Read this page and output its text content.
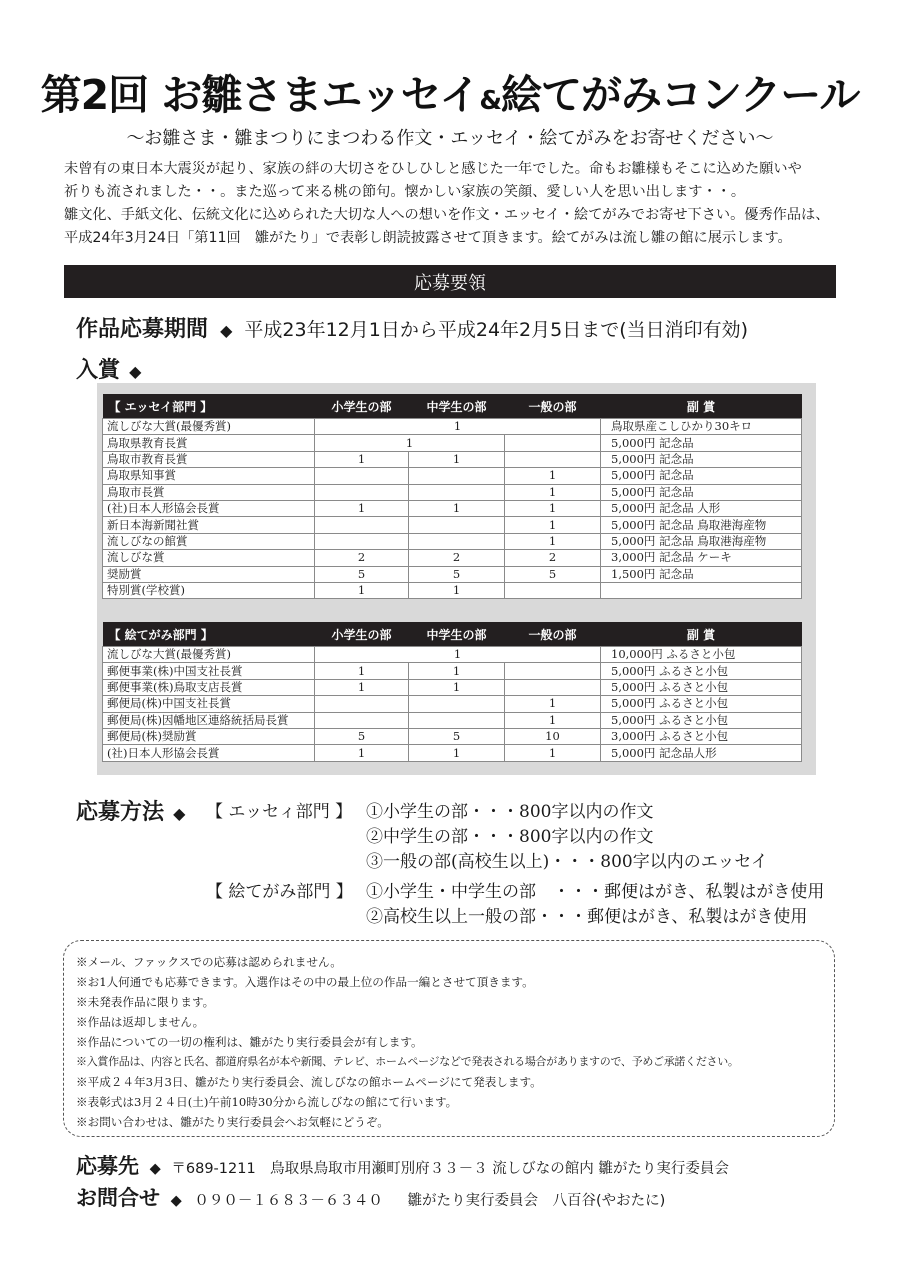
第2回 お雛さまエッセイ&絵てがみコンクール
～お雛さま・雛まつりにまつわる作文・エッセイ・絵てがみをお寄せください～
未曾有の東日本大震災が起り、家族の絆の大切さをひしひしと感じた一年でした。命もお雛様もそこに込めた願いや
祈りも流されました・・。また巡って来る桃の節句。懐かしい家族の笑顔、愛しい人を思い出します・・。
雛文化、手紙文化、伝統文化に込められた大切な人への想いを作文・エッセイ・絵てがみでお寄せ下さい。優秀作品は、
平成24年3月24日「第11回　雛がたり」で表彰し朗読披露させて頂きます。絵てがみは流し雛の館に展示します。
応募要領
作品応募期間 ◆ 平成23年12月1日から平成24年2月5日まで(当日消印有効)
入賞 ◆
【 エッセイ部門 】	小学生の部	中学生の部	一般の部	副 賞
流しびな大賞(最優秀賞)	1			鳥取県産こしひかり30キロ
鳥取県教育長賞	1			5,000円 記念品
鳥取市教育長賞	1	1		5,000円 記念品
鳥取県知事賞			1	5,000円 記念品
鳥取市長賞			1	5,000円 記念品
(社)日本人形協会長賞	1	1	1	5,000円 記念品 人形
新日本海新聞社賞			1	5,000円 記念品 鳥取港海産物
流しびなの館賞			1	5,000円 記念品 鳥取港海産物
流しびな賞	2	2	2	3,000円 記念品 ケーキ
奨励賞	5	5	5	1,500円 記念品
特別賞(学校賞)	1	1		
【 絵てがみ部門 】	小学生の部	中学生の部	一般の部	副 賞
流しびな大賞(最優秀賞)	1			10,000円 ふるさと小包
郵便事業(株)中国支社長賞	1	1		5,000円 ふるさと小包
郵便事業(株)鳥取支店長賞	1	1		5,000円 ふるさと小包
郵便局(株)中国支社長賞			1	5,000円 ふるさと小包
郵便局(株)因幡地区連絡統括局長賞			1	5,000円 ふるさと小包
郵便局(株)奨励賞	5	5	10	3,000円 ふるさと小包
(社)日本人形協会長賞	1	1	1	5,000円 記念品人形
応募方法 ◆ 【 エッセィ部門 】 ①小学生の部・・・800字以内の作文
②中学生の部・・・800字以内の作文
③一般の部(高校生以上)・・・800字以内のエッセイ
【 絵てがみ部門 】 ①小学生・中学生の部　・・・郵便はがき、私製はがき使用
②高校生以上一般の部・・・郵便はがき、私製はがき使用
※メール、ファックスでの応募は認められません。
※お1人何通でも応募できます。入選作はその中の最上位の作品一編とさせて頂きます。
※未発表作品に限ります。
※作品は返却しません。
※作品についての一切の権利は、雛がたり実行委員会が有します。
※入賞作品は、内容と氏名、都道府県名が本や新聞、テレビ、ホームページなどで発表される場合がありますので、予めご承諾ください。
※平成２４年3月3日、雛がたり実行委員会、流しびなの館ホームページにて発表します。
※表彰式は3月２４日(土)午前10時30分から流しびなの館にて行います。
※お問い合わせは、雛がたり実行委員会へお気軽にどうぞ。
応募先 ◆ 〒689-1211　鳥取県鳥取市用瀬町別府３３－３ 流しびなの館内 雛がたり実行委員会
お問合せ ◆ ０９０－１６８３－６３４０ 雛がたり実行委員会　八百谷(やおたに)
